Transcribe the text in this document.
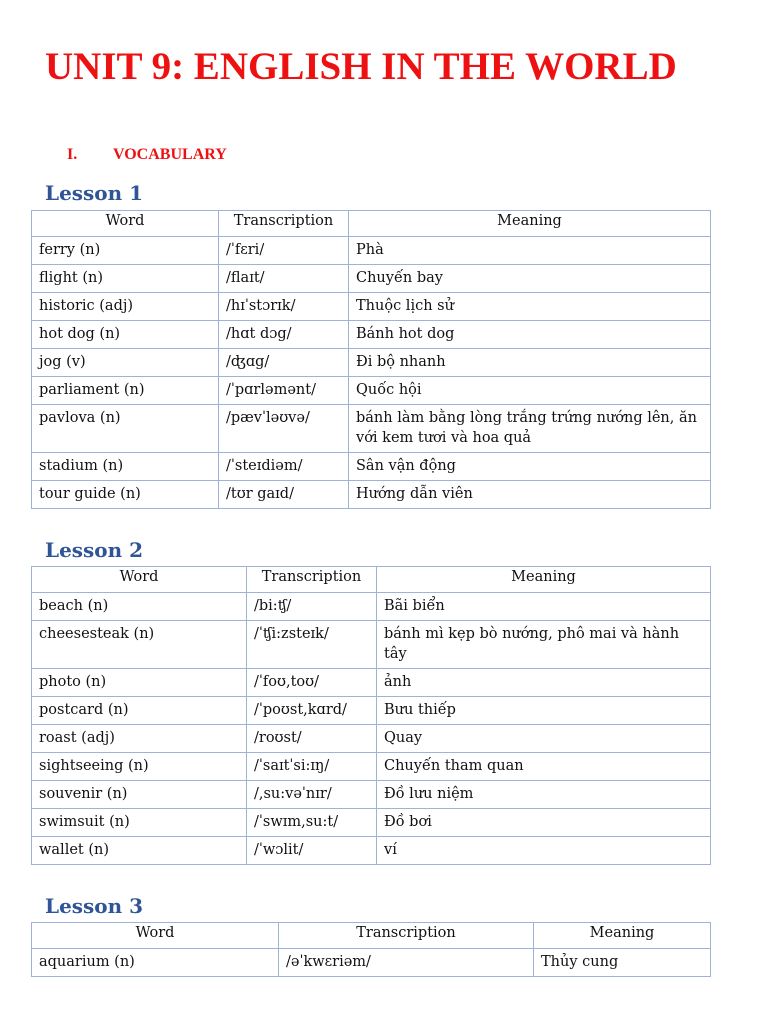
UNIT 9: ENGLISH IN THE WORLD
I. VOCABULARY
Lesson 1
Word	Transcription	Meaning
ferry (n)	/ˈfɛri/	Phà
flight (n)	/flaɪt/	Chuyến bay
historic (adj)	/hɪˈstɔrɪk/	Thuộc lịch sử
hot dog (n)	/hɑt dɔg/	Bánh hot dog
jog (v)	/ʤɑg/	Đi bộ nhanh
parliament (n)	/ˈpɑrləmənt/	Quốc hội
pavlova (n)	/pævˈləʊvə/	bánh làm bằng lòng trắng trứng nướng lên, ăn với kem tươi và hoa quả
stadium (n)	/ˈsteɪdiəm/	Sân vận động
tour guide (n)	/tʊr gaɪd/	Hướng dẫn viên
Lesson 2
Word	Transcription	Meaning
beach (n)	/bi:ʧ/	Bãi biển
cheesesteak (n)	/ˈʧi:zsteɪk/	bánh mì kẹp bò nướng, phô mai và hành tây
photo (n)	/ˈfoʊ,toʊ/	ảnh
postcard (n)	/ˈpoʊst,kɑrd/	Bưu thiếp
roast (adj)	/roʊst/	Quay
sightseeing (n)	/ˈsaɪtˈsi:ɪŋ/	Chuyến tham quan
souvenir (n)	/,su:vəˈnɪr/	Đồ lưu niệm
swimsuit (n)	/ˈswɪm,su:t/	Đồ bơi
wallet (n)	/ˈwɔlit/	ví
Lesson 3
Word	Transcription	Meaning
aquarium (n)	/əˈkwɛriəm/	Thủy cung
